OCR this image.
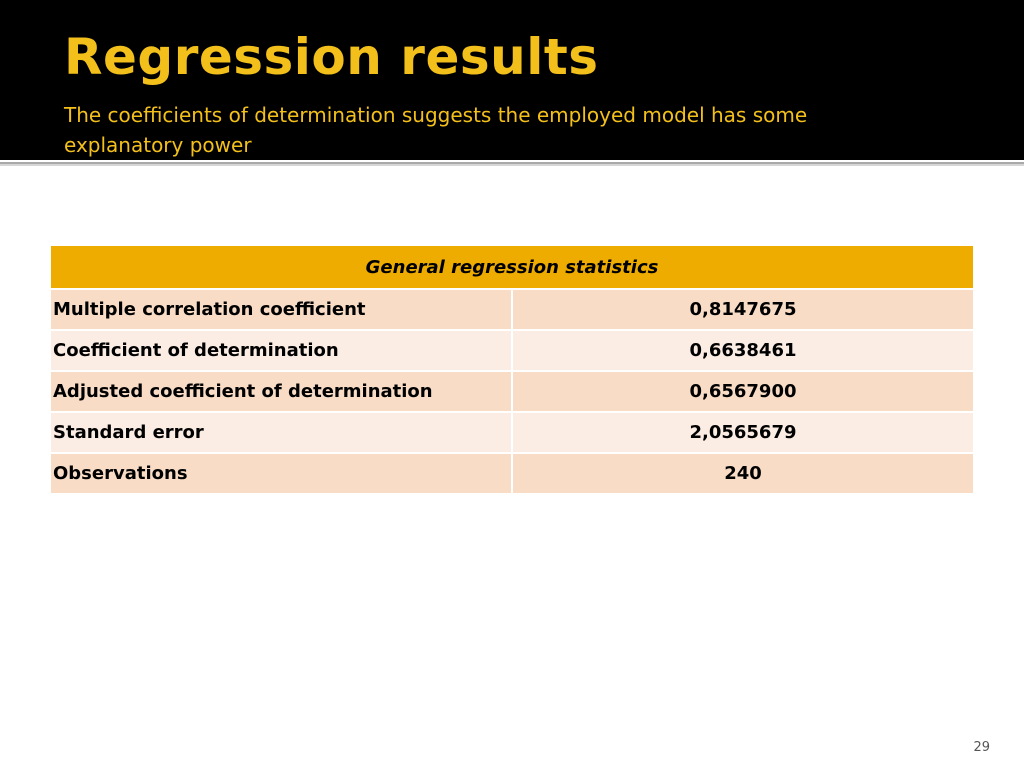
Regression results
The coefficients of determination suggests the employed model has some explanatory power
General regression statistics	
Multiple correlation coefficient	0,8147675
Coefficient of determination	0,6638461
Adjusted coefficient of determination	0,6567900
Standard error	2,0565679
Observations	240
29
